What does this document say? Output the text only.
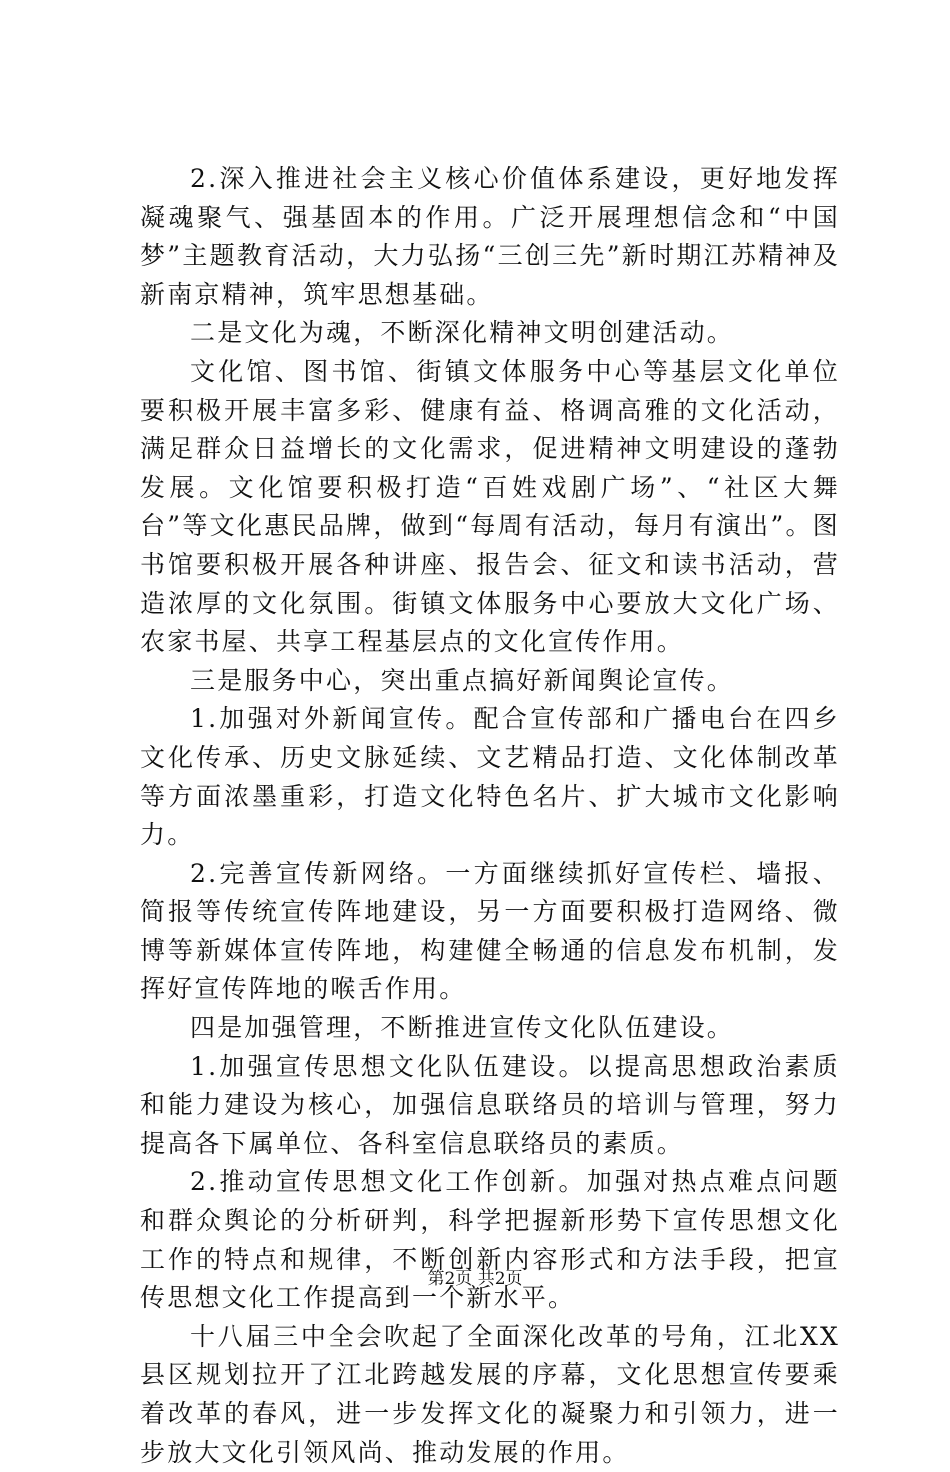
2.深入推进社会主义核心价值体系建设，更好地发挥凝魂聚气、强基固本的作用。广泛开展理想信念和“中国梦”主题教育活动，大力弘扬“三创三先”新时期江苏精神及新南京精神，筑牢思想基础。

二是文化为魂，不断深化精神文明创建活动。

文化馆、图书馆、街镇文体服务中心等基层文化单位要积极开展丰富多彩、健康有益、格调高雅的文化活动，满足群众日益增长的文化需求，促进精神文明建设的蓬勃发展。文化馆要积极打造“百姓戏剧广场”、“社区大舞台”等文化惠民品牌，做到“每周有活动，每月有演出”。图书馆要积极开展各种讲座、报告会、征文和读书活动，营造浓厚的文化氛围。街镇文体服务中心要放大文化广场、农家书屋、共享工程基层点的文化宣传作用。

三是服务中心，突出重点搞好新闻舆论宣传。

1.加强对外新闻宣传。配合宣传部和广播电台在四乡文化传承、历史文脉延续、文艺精品打造、文化体制改革等方面浓墨重彩，打造文化特色名片、扩大城市文化影响力。

2.完善宣传新网络。一方面继续抓好宣传栏、墙报、简报等传统宣传阵地建设，另一方面要积极打造网络、微博等新媒体宣传阵地，构建健全畅通的信息发布机制，发挥好宣传阵地的喉舌作用。

四是加强管理，不断推进宣传文化队伍建设。

1.加强宣传思想文化队伍建设。以提高思想政治素质和能力建设为核心，加强信息联络员的培训与管理，努力提高各下属单位、各科室信息联络员的素质。

2.推动宣传思想文化工作创新。加强对热点难点问题和群众舆论的分析研判，科学把握新形势下宣传思想文化工作的特点和规律，不断创新内容形式和方法手段，把宣传思想文化工作提高到一个新水平。

十八届三中全会吹起了全面深化改革的号角，江北XX县区规划拉开了江北跨越发展的序幕，文化思想宣传要乘着改革的春风，进一步发挥文化的凝聚力和引领力，进一步放大文化引领风尚、推动发展的作用。

第2页 共2页
